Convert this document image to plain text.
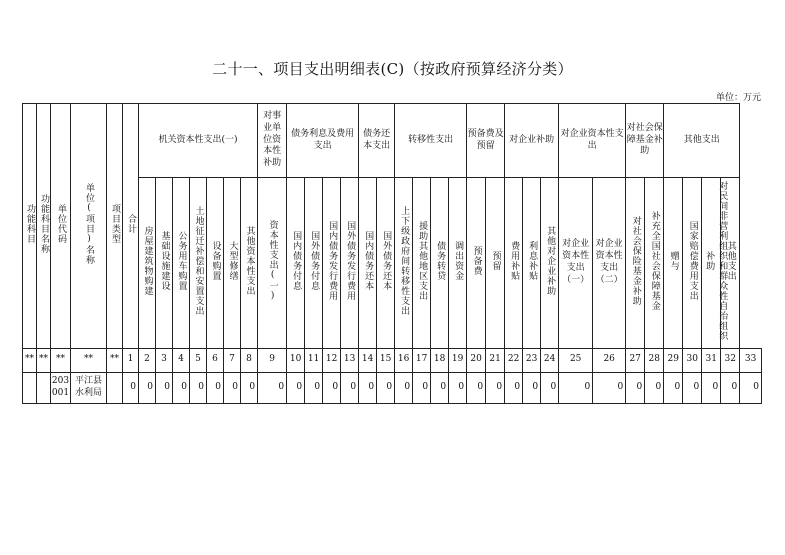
二十一、项目支出明细表(C)（按政府预算经济分类）
单位：万元
功能科目	功能科目名称	单位代码	单位(项目)名称	项目类型	合计	机关资本性支出(一)							对事业单位资本性补助	债务利息及费用支出				债务还本支出		转移性支出				预备费及预留		对企业补助			对企业资本性支出		对社会保障基金补助		其他支出				
						房屋建筑物购建	基础设施建设	公务用车购置	土地征迁补偿和安置支出	设备购置	大型修缮	其他资本性支出	资本性支出(一)	国内债务付息	国外债务付息	国内债务发行费用	国外债务发行费用	国内债务还本	国外债务还本	上下级政府间转移性支出	援助其他地区支出	债务转贷	调出资金	预备费	预留	费用补贴	利息补贴	其他对企业补助	对企业资本性支出（一）	对企业资本性支出（二）	对社会保险基金补助	补充全国社会保障基金	赠与	国家赔偿费用支出	对民间非营利组织和群众性自治组织补助	其他支出	
**	**	**	**	**	1	2	3	4	5	6	7	8	9	10	11	12	13	14	15	16	17	18	19	20	21	22	23	24	25	26	27	28	29	30	31	32	33
		203001	平江县水利局		0	0	0	0	0	0	0	0	0	0	0	0	0	0	0	0	0	0	0	0	0	0	0	0	0	0	0	0	0	0	0	0	0
